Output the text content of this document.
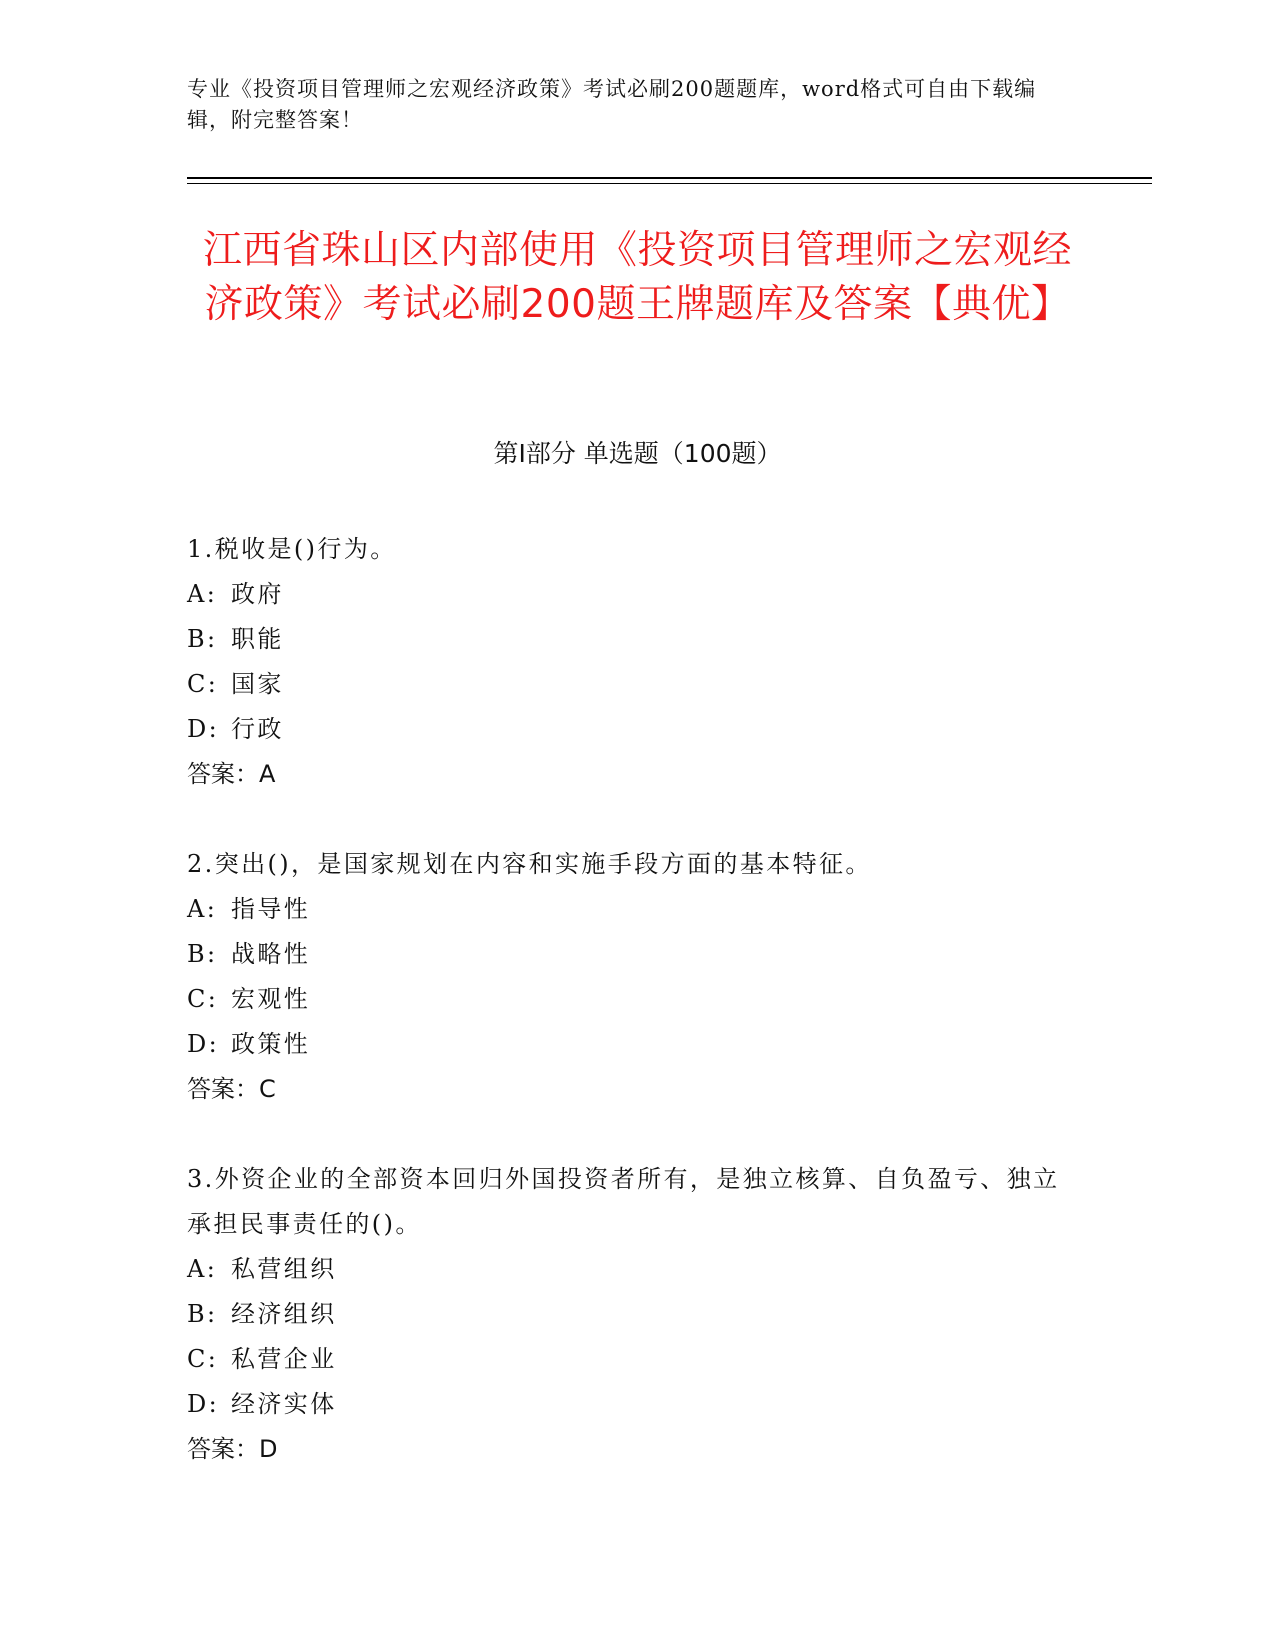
专业《投资项目管理师之宏观经济政策》考试必刷200题题库，word格式可自由下载编辑，附完整答案！
江西省珠山区内部使用《投资项目管理师之宏观经济政策》考试必刷200题王牌题库及答案【典优】
第I部分 单选题（100题）
1.税收是()行为。
A: 政府
B: 职能
C: 国家
D: 行政
答案：A
2.突出()，是国家规划在内容和实施手段方面的基本特征。
A: 指导性
B: 战略性
C: 宏观性
D: 政策性
答案：C
3.外资企业的全部资本回归外国投资者所有，是独立核算、自负盈亏、独立承担民事责任的()。
A: 私营组织
B: 经济组织
C: 私营企业
D: 经济实体
答案：D
